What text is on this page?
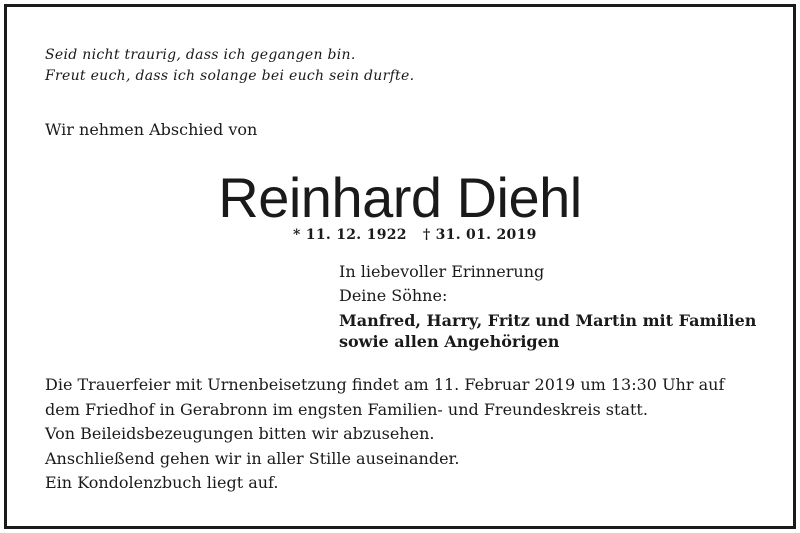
Seid nicht traurig, dass ich gegangen bin.
Freut euch, dass ich solange bei euch sein durfte.
Wir nehmen Abschied von
Reinhard Diehl
* 11. 12. 1922 † 31. 01. 2019
In liebevoller Erinnerung
Deine Söhne:
Manfred, Harry, Fritz und Martin mit Familien
sowie allen Angehörigen
Die Trauerfeier mit Urnenbeisetzung findet am 11. Februar 2019 um 13:30 Uhr auf
dem Friedhof in Gerabronn im engsten Familien- und Freundeskreis statt.
Von Beileidsbezeugungen bitten wir abzusehen.
Anschließend gehen wir in aller Stille auseinander.
Ein Kondolenzbuch liegt auf.
